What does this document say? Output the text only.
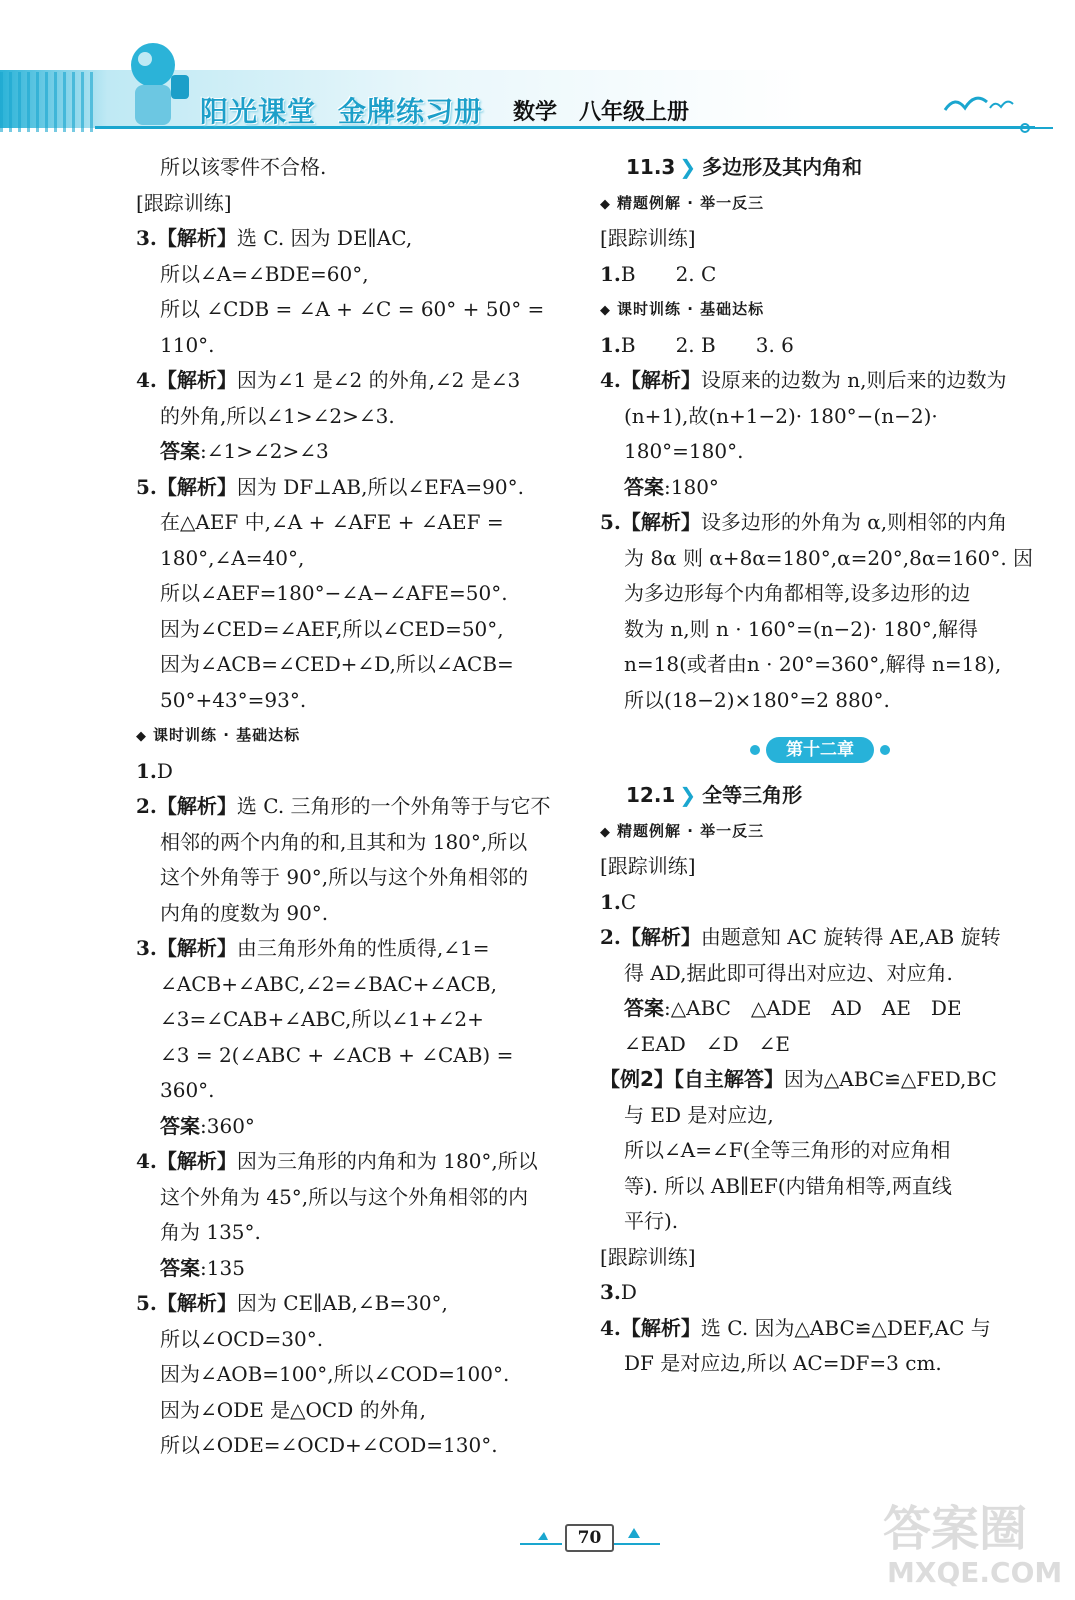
阳光课堂 金牌练习册 数学 八年级上册
所以该零件不合格.
[跟踪训练]
3.【解析】选 C. 因为 DE∥AC,
所以∠A=∠BDE=60°,
所以 ∠CDB = ∠A + ∠C = 60° + 50° =
110°.
4.【解析】因为∠1 是∠2 的外角,∠2 是∠3
的外角,所以∠1>∠2>∠3.
答案:∠1>∠2>∠3
5.【解析】因为 DF⊥AB,所以∠EFA=90°.
在△AEF 中,∠A + ∠AFE + ∠AEF =
180°,∠A=40°,
所以∠AEF=180°−∠A−∠AFE=50°.
因为∠CED=∠AEF,所以∠CED=50°,
因为∠ACB=∠CED+∠D,所以∠ACB=
50°+43°=93°.
◆ 课时训练 · 基础达标
1.D
2.【解析】选 C. 三角形的一个外角等于与它不
相邻的两个内角的和,且其和为 180°,所以
这个外角等于 90°,所以与这个外角相邻的
内角的度数为 90°.
3.【解析】由三角形外角的性质得,∠1=
∠ACB+∠ABC,∠2=∠BAC+∠ACB,
∠3=∠CAB+∠ABC,所以∠1+∠2+
∠3 = 2(∠ABC + ∠ACB + ∠CAB) =
360°.
答案:360°
4.【解析】因为三角形的内角和为 180°,所以
这个外角为 45°,所以与这个外角相邻的内
角为 135°.
答案:135
5.【解析】因为 CE∥AB,∠B=30°,
所以∠OCD=30°.
因为∠AOB=100°,所以∠COD=100°.
因为∠ODE 是△OCD 的外角,
所以∠ODE=∠OCD+∠COD=130°.
11.3 ❯ 多边形及其内角和
◆ 精题例解 · 举一反三
[跟踪训练]
1.B　　2. C
◆ 课时训练 · 基础达标
1.B　　2. B　　3. 6
4.【解析】设原来的边数为 n,则后来的边数为
(n+1),故(n+1−2)· 180°−(n−2)·
180°=180°.
答案:180°
5.【解析】设多边形的外角为 α,则相邻的内角
为 8α 则 α+8α=180°,α=20°,8α=160°. 因
为多边形每个内角都相等,设多边形的边
数为 n,则 n · 160°=(n−2)· 180°,解得
n=18(或者由n · 20°=360°,解得 n=18),
所以(18−2)×180°=2 880°.
第十二章
12.1 ❯ 全等三角形
◆ 精题例解 · 举一反三
[跟踪训练]
1.C
2.【解析】由题意知 AC 旋转得 AE,AB 旋转
得 AD,据此即可得出对应边、对应角.
答案:△ABC　△ADE　AD　AE　DE
∠EAD　∠D　∠E
【例2】【自主解答】因为△ABC≌△FED,BC
与 ED 是对应边,
所以∠A=∠F(全等三角形的对应角相
等). 所以 AB∥EF(内错角相等,两直线
平行).
[跟踪训练]
3.D
4.【解析】选 C. 因为△ABC≌△DEF,AC 与
DF 是对应边,所以 AC=DF=3 cm.
70	答案圈
MXQE.COM
